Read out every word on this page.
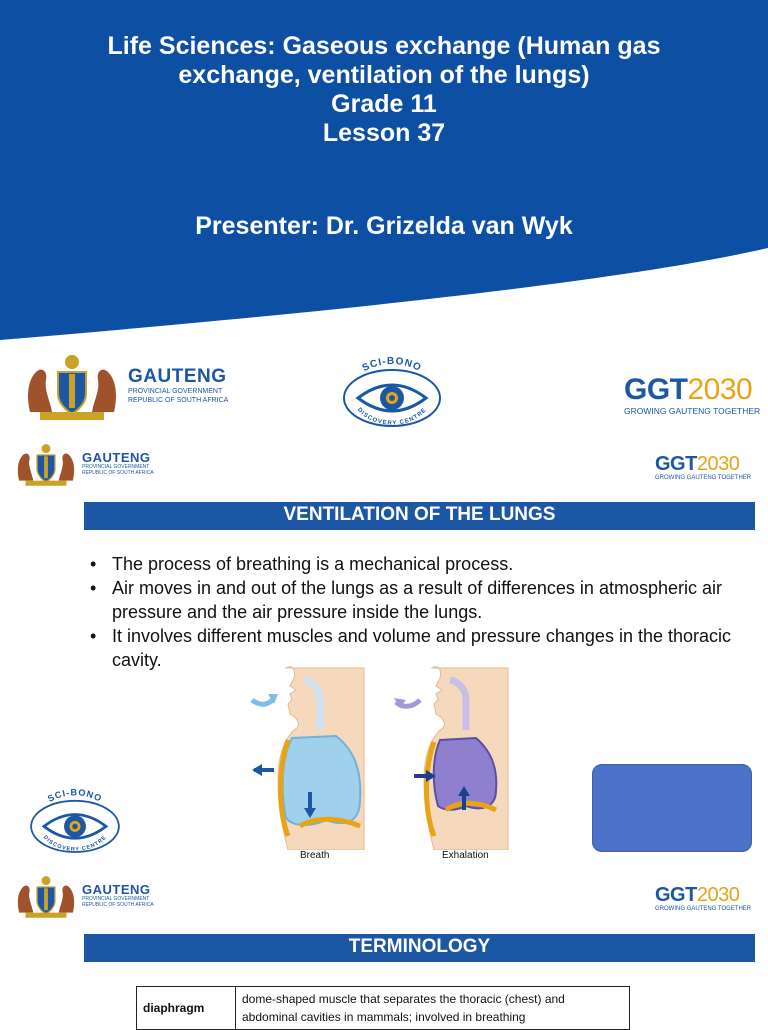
Life Sciences: Gaseous exchange (Human gas
exchange, ventilation of the lungs)
Grade 11
Lesson 37
Presenter: Dr. Grizelda van Wyk
GAUTENG
PROVINCIAL GOVERNMENT
REPUBLIC OF SOUTH AFRICA
SCI-BONO
DISCOVERY CENTRE
GGT2030
GROWING GAUTENG TOGETHER
GAUTENG
PROVINCIAL GOVERNMENT
REPUBLIC OF SOUTH AFRICA	GGT2030
GROWING GAUTENG TOGETHER
VENTILATION OF THE LUNGS
• The process of breathing is a mechanical process.
• Air moves in and out of the lungs as a result of differences in atmospheric air pressure and the air pressure inside the lungs.
• It involves different muscles and volume and pressure changes in the thoracic cavity.
Breath	Exhalation
SCI-BONO
DISCOVERY CENTRE
GAUTENG
PROVINCIAL GOVERNMENT
REPUBLIC OF SOUTH AFRICA	GGT2030
GROWING GAUTENG TOGETHER
TERMINOLOGY
diaphragm	dome-shaped muscle that separates the thoracic (chest) and abdominal cavities in mammals; involved in breathing
